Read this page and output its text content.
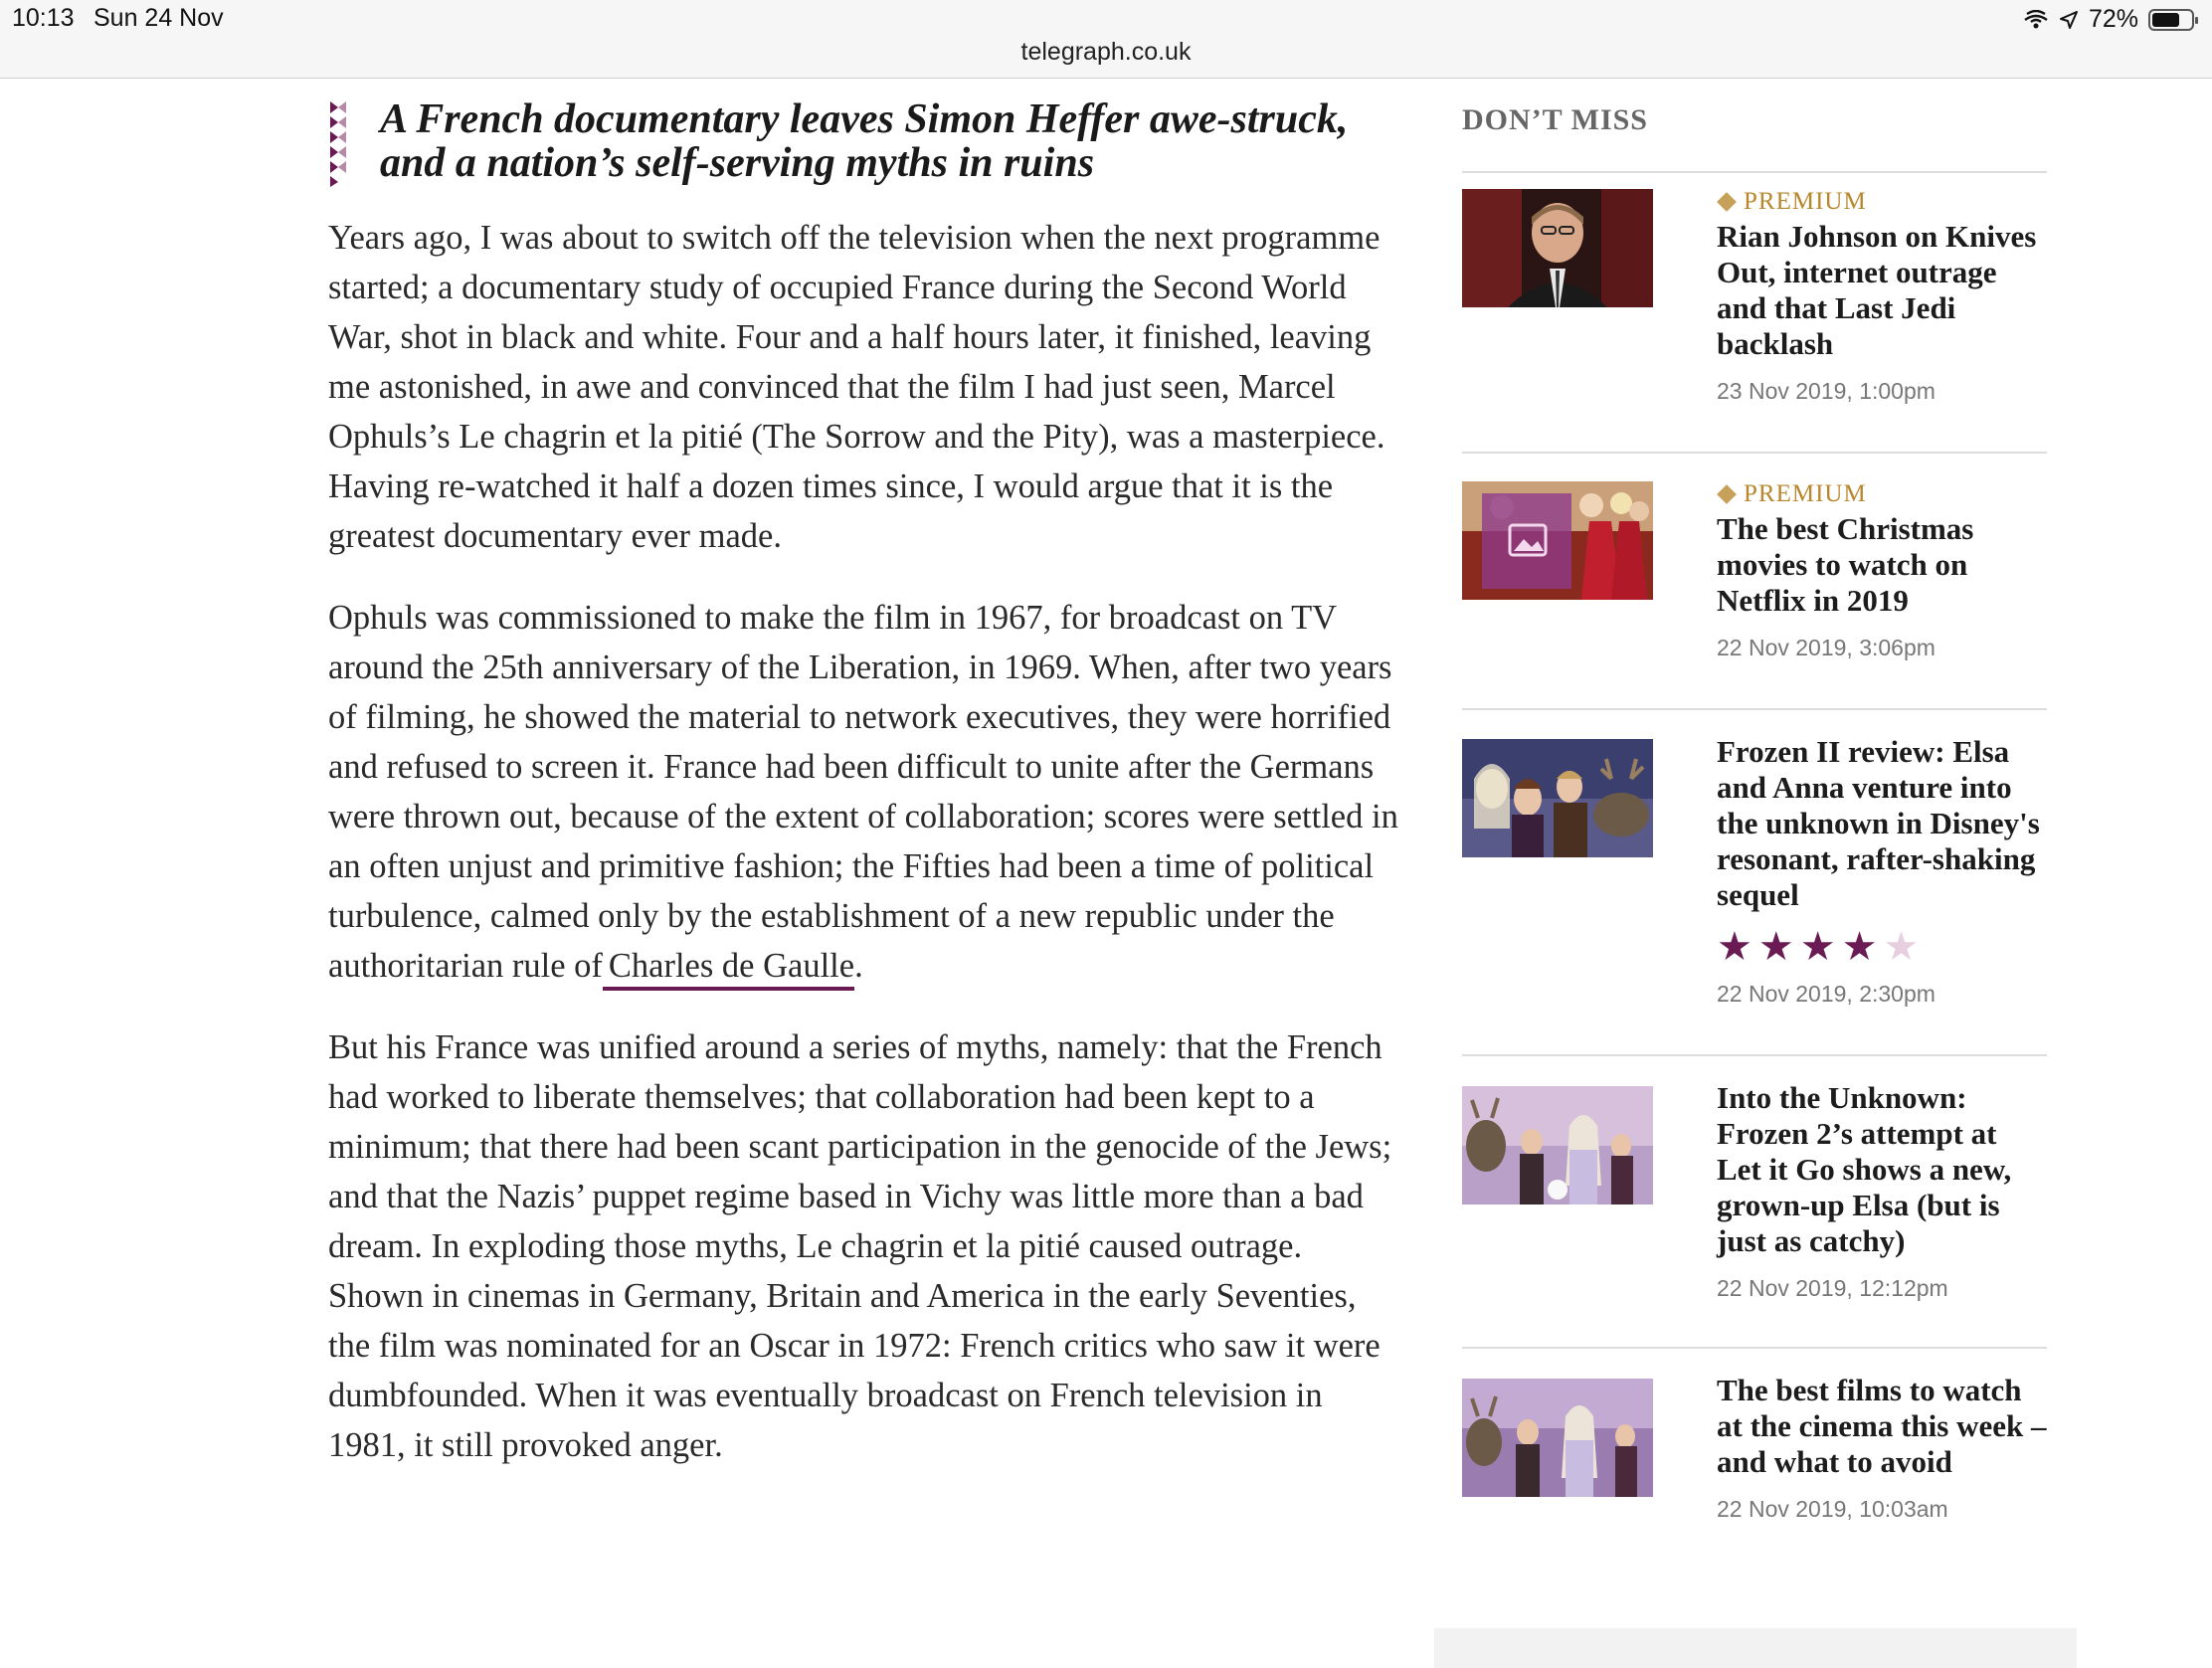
10:13 Sun 24 Nov	72%
telegraph.co.uk
A French documentary leaves Simon Heffer awe-struck, and a nation’s self-serving myths in ruins

Years ago, I was about to switch off the television when the next programme started; a documentary study of occupied France during the Second World War, shot in black and white. Four and a half hours later, it finished, leaving me astonished, in awe and convinced that the film I had just seen, Marcel Ophuls’s Le chagrin et la pitié (The Sorrow and the Pity), was a masterpiece. Having re-watched it half a dozen times since, I would argue that it is the greatest documentary ever made.

Ophuls was commissioned to make the film in 1967, for broadcast on TV around the 25th anniversary of the Liberation, in 1969. When, after two years of filming, he showed the material to network executives, they were horrified and refused to screen it. France had been difficult to unite after the Germans were thrown out, because of the extent of collaboration; scores were settled in an often unjust and primitive fashion; the Fifties had been a time of political turbulence, calmed only by the establishment of a new republic under the authoritarian rule of Charles de Gaulle.

But his France was unified around a series of myths, namely: that the French had worked to liberate themselves; that collaboration had been kept to a minimum; that there had been scant participation in the genocide of the Jews; and that the Nazis’ puppet regime based in Vichy was little more than a bad dream. In exploding those myths, Le chagrin et la pitié caused outrage. Shown in cinemas in Germany, Britain and America in the early Seventies, the film was nominated for an Oscar in 1972: French critics who saw it were dumbfounded. When it was eventually broadcast on French television in 1981, it still provoked anger.

DON’T MISS
PREMIUM
Rian Johnson on Knives Out, internet outrage and that Last Jedi backlash
23 Nov 2019, 1:00pm
PREMIUM
The best Christmas movies to watch on Netflix in 2019
22 Nov 2019, 3:06pm
Frozen II review: Elsa and Anna venture into the unknown in Disney's resonant, rafter-shaking sequel
★ ★ ★ ★ ★
22 Nov 2019, 2:30pm
Into the Unknown: Frozen 2’s attempt at Let it Go shows a new, grown-up Elsa (but is just as catchy)
22 Nov 2019, 12:12pm
The best films to watch at the cinema this week – and what to avoid
22 Nov 2019, 10:03am
